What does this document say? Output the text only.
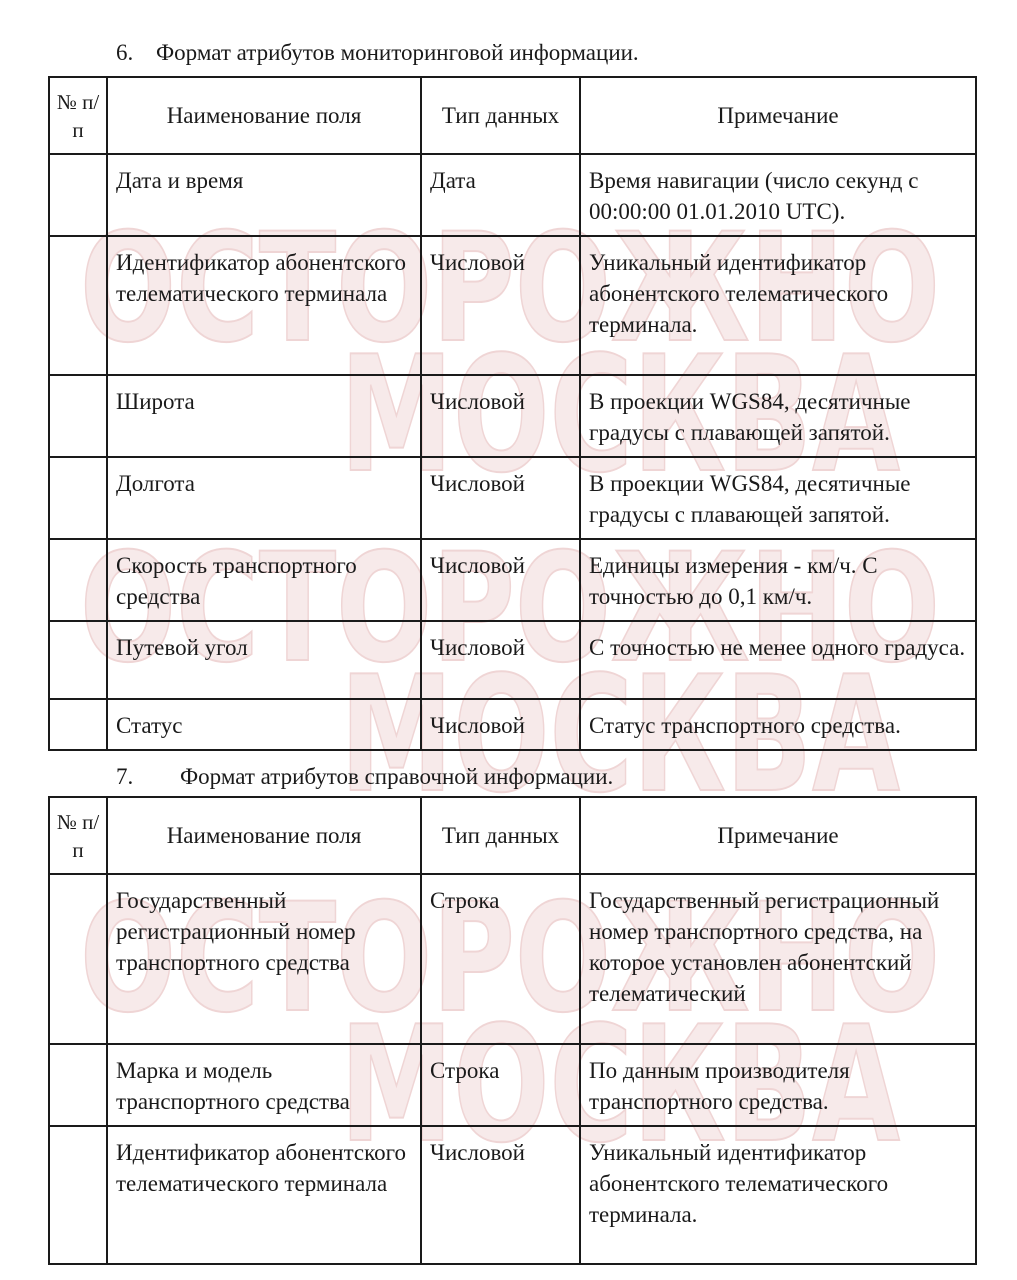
ОСТОРОЖНО
МОСКВА
ОСТОРОЖНО
МОСКВА
ОСТОРОЖНО
МОСКВА
6. Формат атрибутов мониторинговой информации.
№ п/п	Наименование поля	Тип данных	Примечание
	Дата и время	Дата	Время навигации (число секунд с 00:00:00 01.01.2010 UTC).
	Идентификатор абонентского телематического терминала	Числовой	Уникальный идентификатор абонентского телематического терминала.
	Широта	Числовой	В проекции WGS84, десятичные градусы с плавающей запятой.
	Долгота	Числовой	В проекции WGS84, десятичные градусы с плавающей запятой.
	Скорость транспортного средства	Числовой	Единицы измерения - км/ч. С точностью до 0,1 км/ч.
	Путевой угол	Числовой	С точностью не менее одного градуса.
	Статус	Числовой	Статус транспортного средства.
7. Формат атрибутов справочной информации.
№ п/п	Наименование поля	Тип данных	Примечание
	Государственный регистрационный номер транспортного средства	Строка	Государственный регистрационный номер транспортного средства, на которое установлен абонентский телематический
	Марка и модель транспортного средства	Строка	По данным производителя транспортного средства.
	Идентификатор абонентского телематического терминала	Числовой	Уникальный идентификатор абонентского телематического терминала.
